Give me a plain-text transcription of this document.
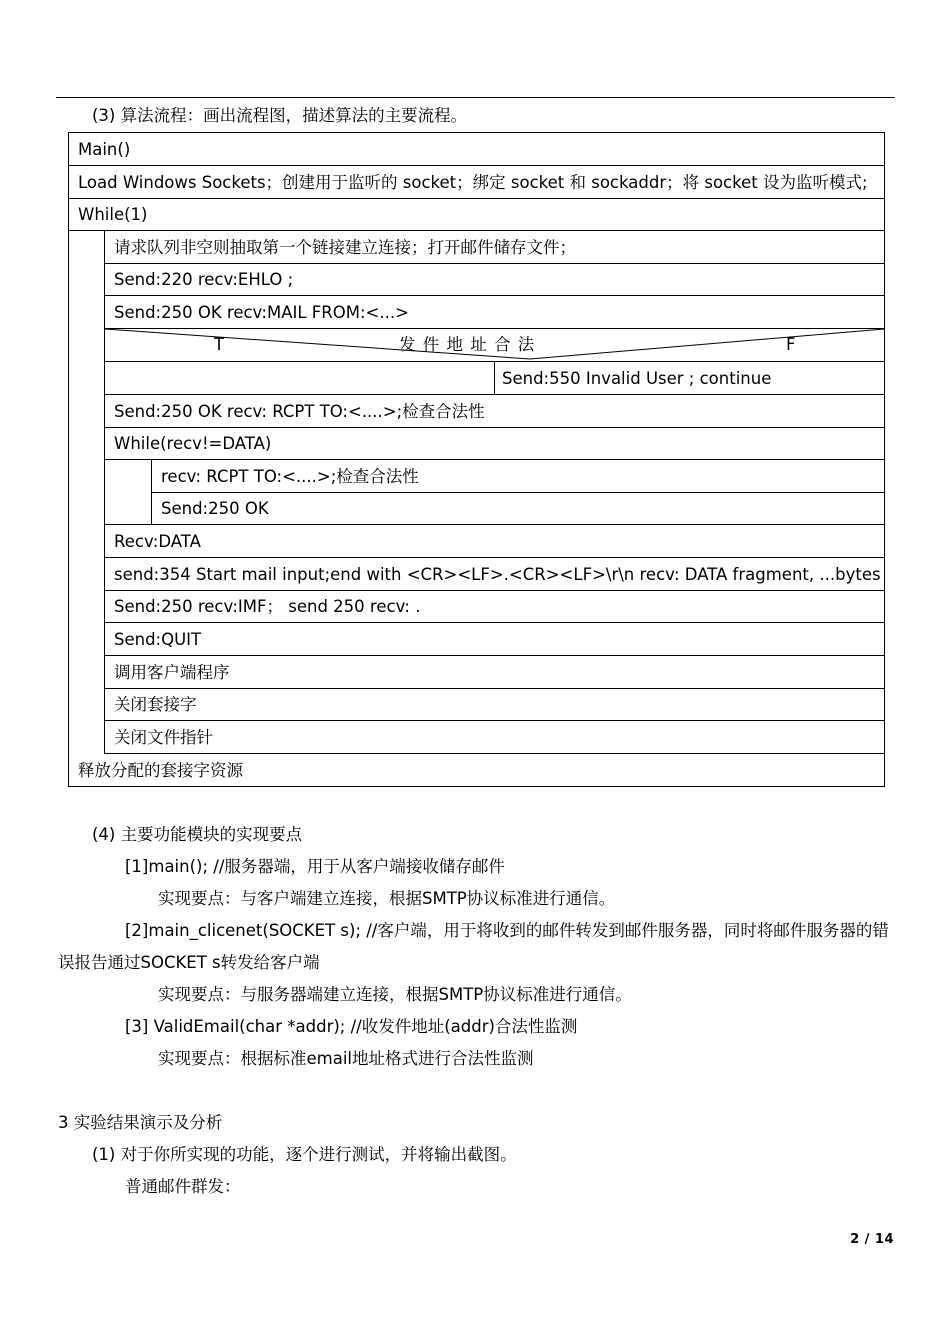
(3) 算法流程：画出流程图，描述算法的主要流程。
Main()
Load Windows Sockets；创建用于监听的 socket；绑定 socket 和 sockaddr；将 socket 设为监听模式;
While(1)
请求队列非空则抽取第一个链接建立连接；打开邮件储存文件；
Send:220 recv:EHLO ;
Send:250 OK recv:MAIL FROM:<...>
T	发 件 地 址 合 法	F
Send:550 Invalid User ; continue
Send:250 OK recv: RCPT TO:<....>;检查合法性
While(recv!=DATA)
recv: RCPT TO:<....>;检查合法性
Send:250 OK
Recv:DATA
send:354 Start mail input;end with <CR><LF>.<CR><LF>\r\n recv: DATA fragment, ...bytes
Send:250 recv:IMF； send 250 recv: .
Send:QUIT
调用客户端程序
关闭套接字
关闭文件指针
释放分配的套接字资源
(4) 主要功能模块的实现要点
[1]main(); //服务器端，用于从客户端接收储存邮件
实现要点：与客户端建立连接，根据SMTP协议标准进行通信。
[2]main_clicenet(SOCKET s); //客户端，用于将收到的邮件转发到邮件服务器，同时将邮件服务器的错
误报告通过SOCKET s转发给客户端
实现要点：与服务器端建立连接，根据SMTP协议标准进行通信。
[3] ValidEmail(char *addr); //收发件地址(addr)合法性监测
实现要点：根据标准email地址格式进行合法性监测
3 实验结果演示及分析
(1) 对于你所实现的功能，逐个进行测试，并将输出截图。
普通邮件群发：
2 / 14
